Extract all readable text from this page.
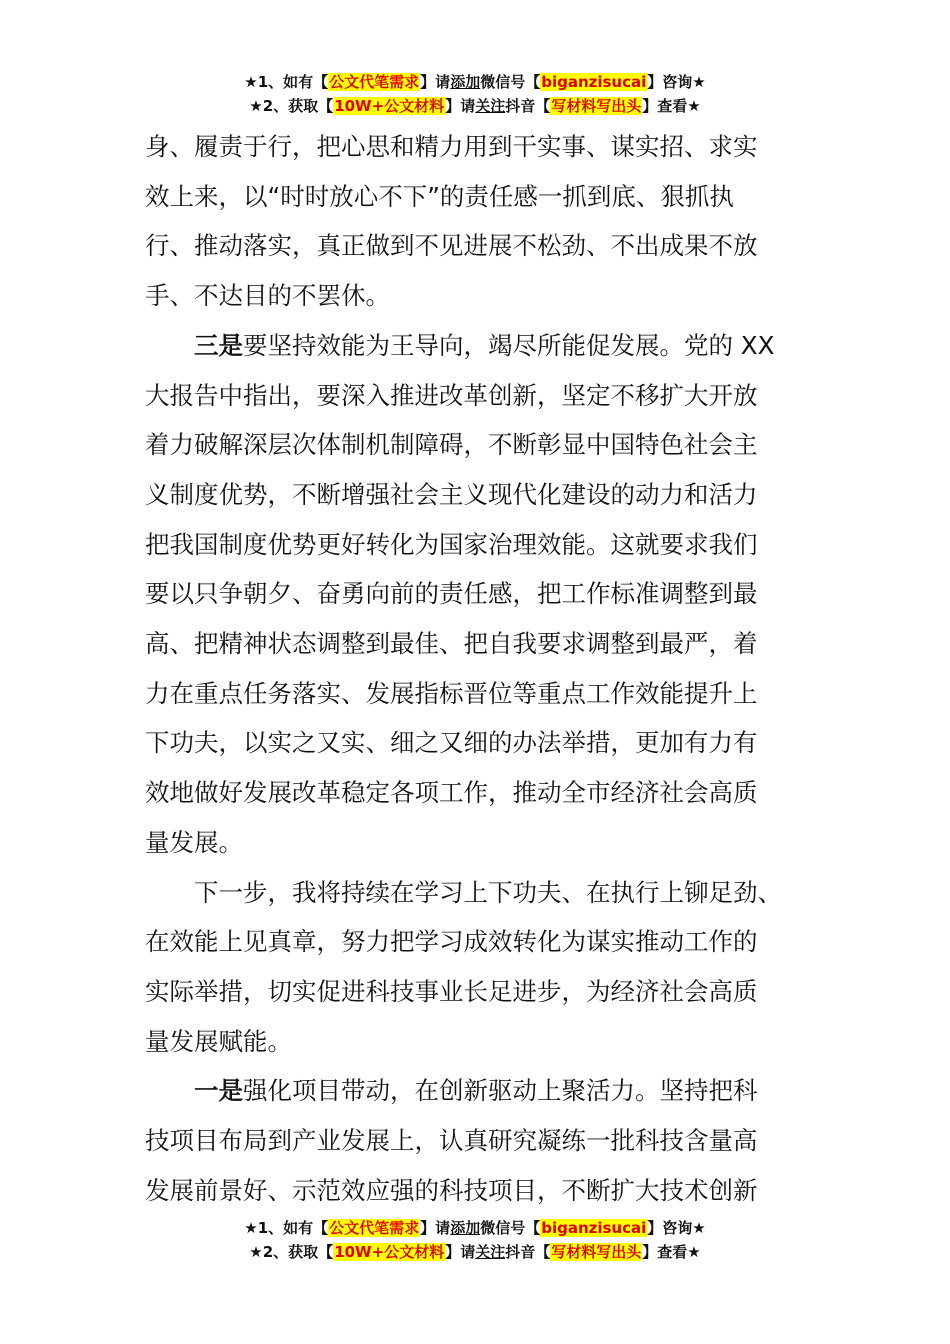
★1、如有【公文代笔需求】请添加微信号【biganzisucai】咨询★
★2、获取【10W+公文材料】请关注抖音【写材料写出头】查看★

身、履责于行，把心思和精力用到干实事、谋实招、求实
效上来，以“时时放心不下”的责任感一抓到底、狠抓执
行、推动落实，真正做到不见进展不松劲、不出成果不放
手、不达目的不罢休。

三是要坚持效能为王导向，竭尽所能促发展。党的 XX
大报告中指出，要深入推进改革创新，坚定不移扩大开放
着力破解深层次体制机制障碍，不断彰显中国特色社会主
义制度优势，不断增强社会主义现代化建设的动力和活力
把我国制度优势更好转化为国家治理效能。这就要求我们
要以只争朝夕、奋勇向前的责任感，把工作标准调整到最
高、把精神状态调整到最佳、把自我要求调整到最严，着
力在重点任务落实、发展指标晋位等重点工作效能提升上
下功夫，以实之又实、细之又细的办法举措，更加有力有
效地做好发展改革稳定各项工作，推动全市经济社会高质
量发展。

下一步，我将持续在学习上下功夫、在执行上铆足劲、
在效能上见真章，努力把学习成效转化为谋实推动工作的
实际举措，切实促进科技事业长足进步，为经济社会高质
量发展赋能。

一是强化项目带动，在创新驱动上聚活力。坚持把科
技项目布局到产业发展上，认真研究凝练一批科技含量高
发展前景好、示范效应强的科技项目，不断扩大技术创新

★1、如有【公文代笔需求】请添加微信号【biganzisucai】咨询★
★2、获取【10W+公文材料】请关注抖音【写材料写出头】查看★
